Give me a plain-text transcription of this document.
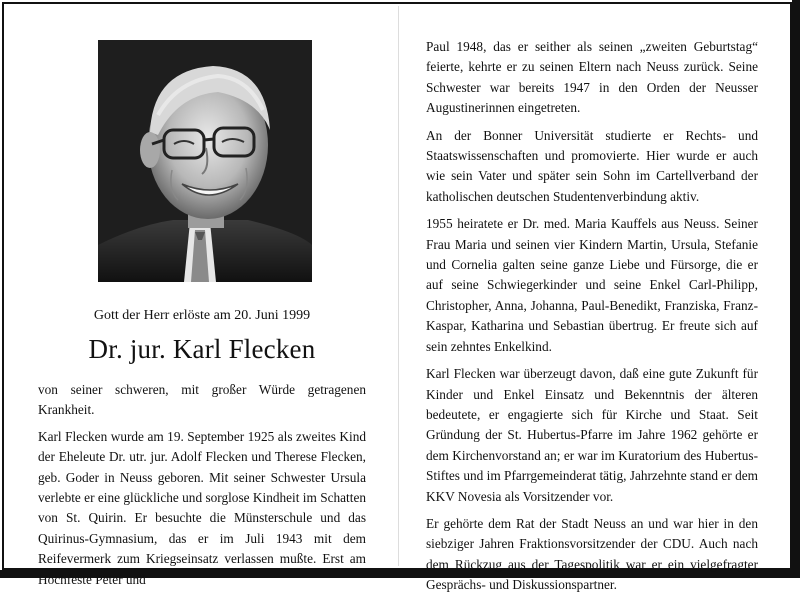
Gott der Herr erlöste am 20. Juni 1999
Dr. jur. Karl Flecken

von seiner schweren, mit großer Würde getragenen Krankheit.

Karl Flecken wurde am 19. September 1925 als zweites Kind der Eheleute Dr. utr. jur. Adolf Flecken und Therese Flecken, geb. Goder in Neuss geboren. Mit seiner Schwester Ursula verlebte er eine glückliche und sorglose Kindheit im Schatten von St. Quirin. Er besuchte die Münsterschule und das Quirinus-Gymnasium, das er im Juli 1943 mit dem Reifevermerk zum Kriegseinsatz verlassen mußte. Erst am Hochfeste Peter und

Paul 1948, das er seither als seinen „zweiten Geburtstag“ feierte, kehrte er zu seinen Eltern nach Neuss zurück. Seine Schwester war bereits 1947 in den Orden der Neusser Augustinerinnen eingetreten.

An der Bonner Universität studierte er Rechts- und Staatswissenschaften und promovierte. Hier wurde er auch wie sein Vater und später sein Sohn im Cartellverband der katholischen deutschen Studentenverbindung aktiv.

1955 heiratete er Dr. med. Maria Kauffels aus Neuss. Seiner Frau Maria und seinen vier Kindern Martin, Ursula, Stefanie und Cornelia galten seine ganze Liebe und Fürsorge, die er auf seine Schwiegerkinder und seine Enkel Carl-Philipp, Christopher, Anna, Johanna, Paul-Benedikt, Franziska, Franz-Kaspar, Katharina und Sebastian übertrug. Er freute sich auf sein zehntes Enkelkind.

Karl Flecken war überzeugt davon, daß eine gute Zukunft für Kinder und Enkel Einsatz und Bekenntnis der älteren bedeutete, er engagierte sich für Kirche und Staat. Seit Gründung der St. Hubertus-Pfarre im Jahre 1962 gehörte er dem Kirchenvorstand an; er war im Kuratorium des Hubertus-Stiftes und im Pfarrgemeinderat tätig, Jahrzehnte stand er dem KKV Novesia als Vorsitzender vor.

Er gehörte dem Rat der Stadt Neuss an und war hier in den siebziger Jahren Fraktionsvorsitzender der CDU. Auch nach dem Rückzug aus der Tagespolitik war er ein vielgefragter Gesprächs- und Diskussionspartner.
